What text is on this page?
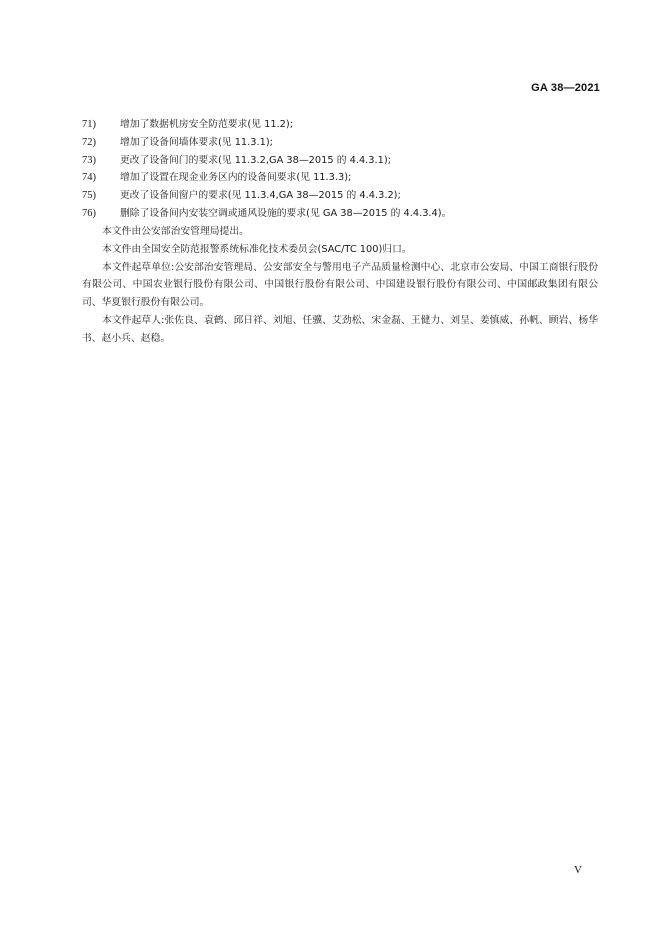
GA 38—2021
71)	增加了数据机房安全防范要求(见 11.2);
72)	增加了设备间墙体要求(见 11.3.1);
73)	更改了设备间门的要求(见 11.3.2,GA 38—2015 的 4.4.3.1);
74)	增加了设置在现金业务区内的设备间要求(见 11.3.3);
75)	更改了设备间窗户的要求(见 11.3.4,GA 38—2015 的 4.4.3.2);
76)	删除了设备间内安装空调或通风设施的要求(见 GA 38—2015 的 4.4.3.4)。

本文件由公安部治安管理局提出。

本文件由全国安全防范报警系统标准化技术委员会(SAC/TC 100)归口。

本文件起草单位:公安部治安管理局、公安部安全与警用电子产品质量检测中心、北京市公安局、中国工商银行股份有限公司、中国农业银行股份有限公司、中国银行股份有限公司、中国建设银行股份有限公司、中国邮政集团有限公司、华夏银行股份有限公司。

本文件起草人:张佐良、袁鹤、邱日祥、刘旭、任骥、艾劲松、宋金磊、王健力、刘呈、姜慎威、孙帆、顾岩、杨华书、赵小兵、赵稳。

V
